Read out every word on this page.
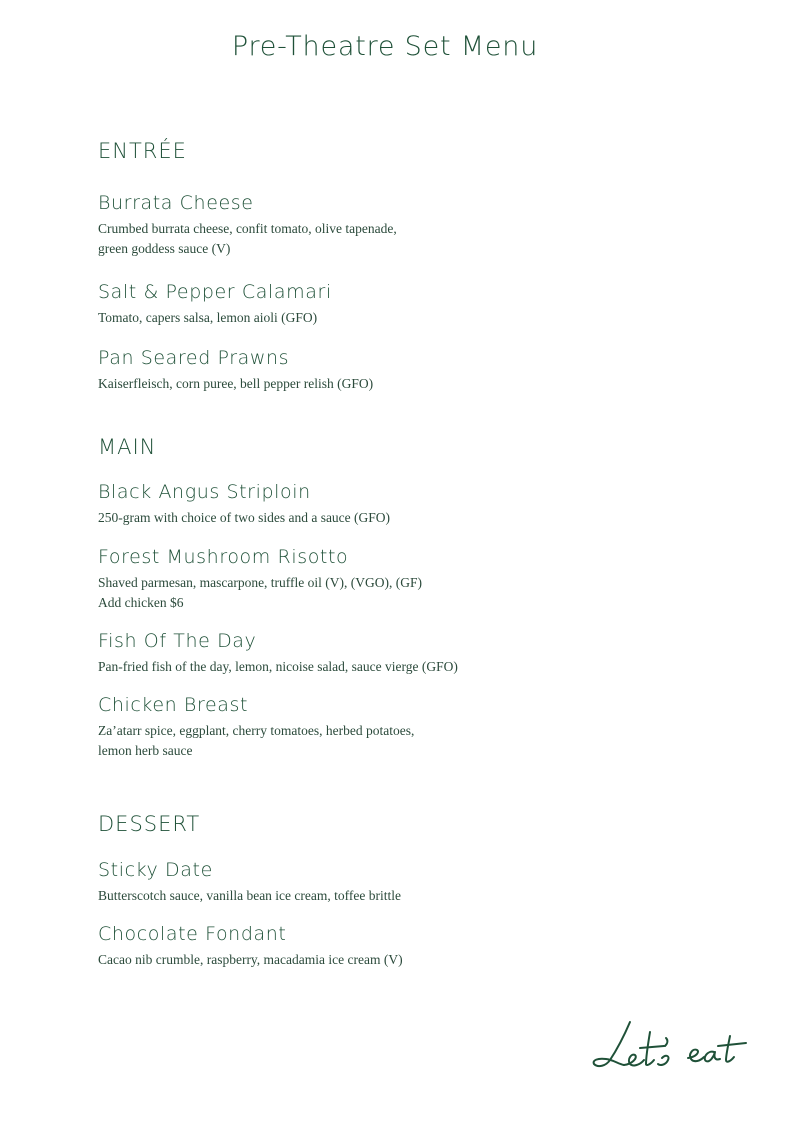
Pre-Theatre Set Menu
ENTRÉE
Burrata Cheese
Crumbed burrata cheese, confit tomato, olive tapenade,
green goddess sauce (V)
Salt & Pepper Calamari
Tomato, capers salsa, lemon aioli (GFO)
Pan Seared Prawns
Kaiserfleisch, corn puree, bell pepper relish (GFO)
MAIN
Black Angus Striploin
250-gram with choice of two sides and a sauce (GFO)
Forest Mushroom Risotto
Shaved parmesan, mascarpone, truffle oil (V), (VGO), (GF)
Add chicken $6
Fish Of The Day
Pan-fried fish of the day, lemon, nicoise salad, sauce vierge (GFO)
Chicken Breast
Za’atarr spice, eggplant, cherry tomatoes, herbed potatoes,
lemon herb sauce
DESSERT
Sticky Date
Butterscotch sauce, vanilla bean ice cream, toffee brittle
Chocolate Fondant
Cacao nib crumble, raspberry, macadamia ice cream (V)
